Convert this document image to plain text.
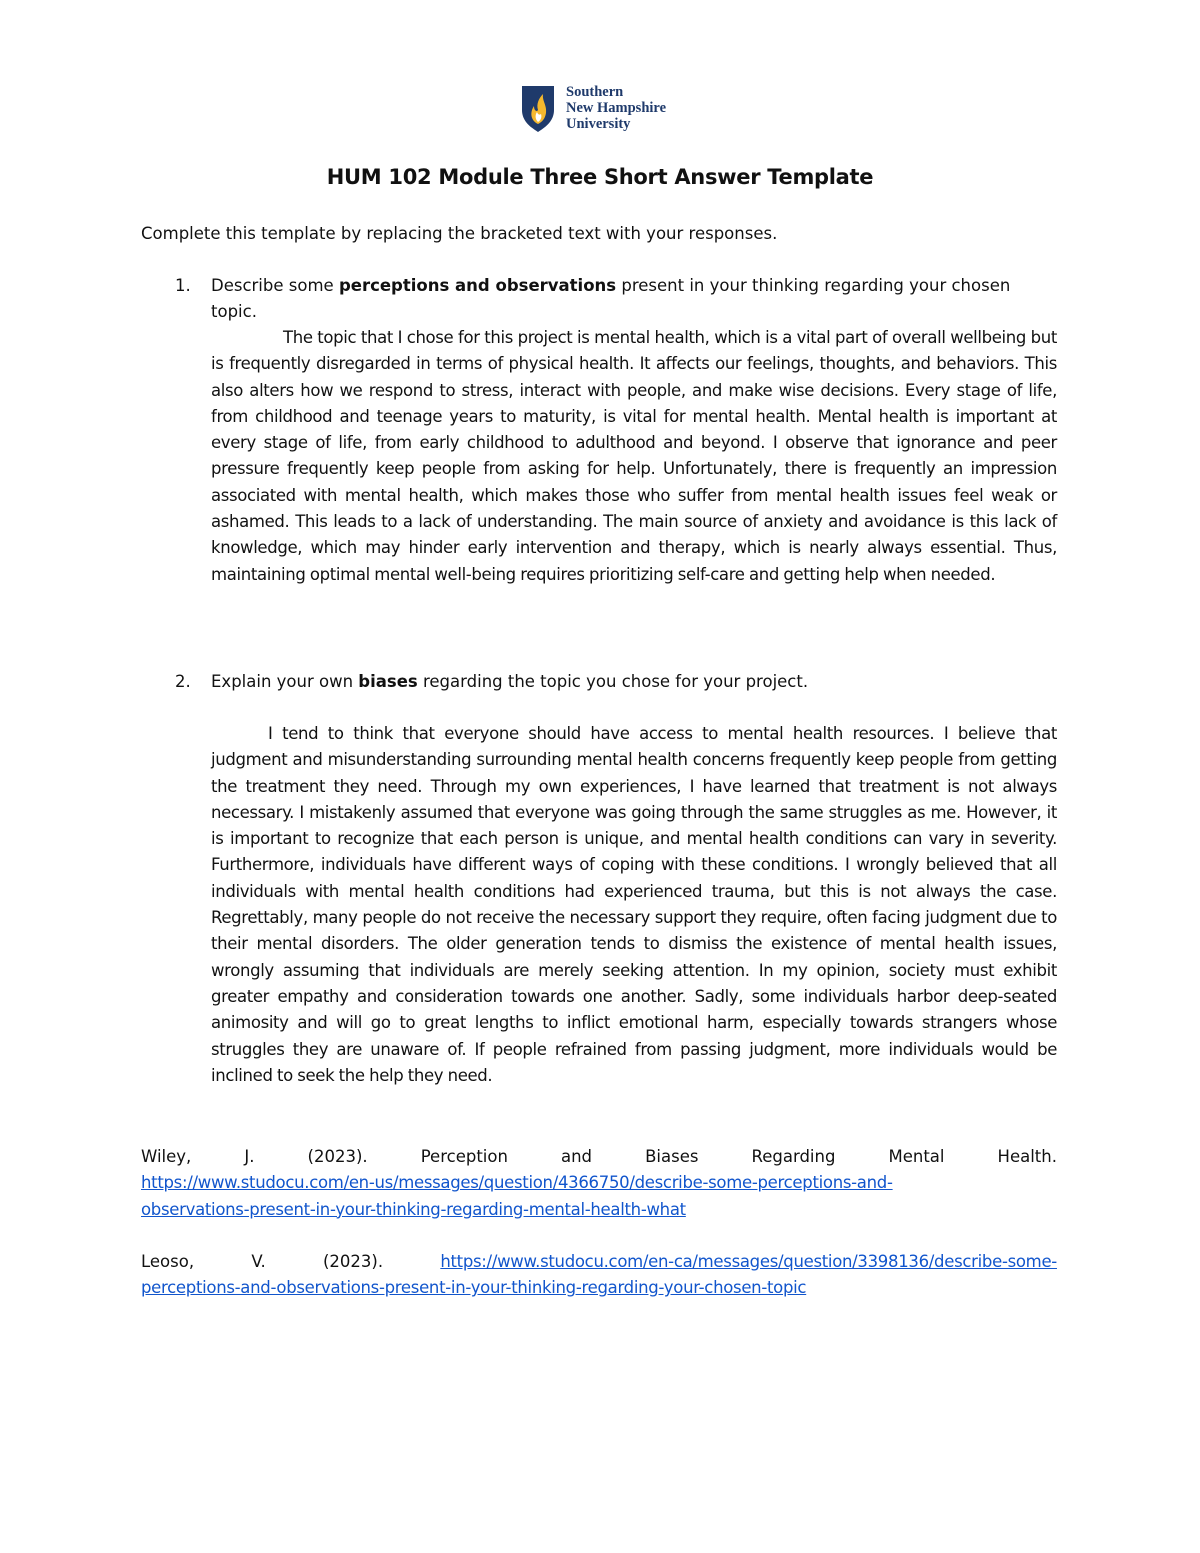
Southern
New Hampshire
University
HUM 102 Module Three Short Answer Template
Complete this template by replacing the bracketed text with your responses.
1. Describe some perceptions and observations present in your thinking regarding your chosen
topic.
The topic that I chose for this project is mental health, which is a vital part of overall wellbeing but is frequently disregarded in terms of physical health. It affects our feelings, thoughts, and behaviors. This also alters how we respond to stress, interact with people, and make wise decisions. Every stage of life, from childhood and teenage years to maturity, is vital for mental health. Mental health is important at every stage of life, from early childhood to adulthood and beyond. I observe that ignorance and peer pressure frequently keep people from asking for help. Unfortunately, there is frequently an impression associated with mental health, which makes those who suffer from mental health issues feel weak or ashamed. This leads to a lack of understanding. The main source of anxiety and avoidance is this lack of knowledge, which may hinder early intervention and therapy, which is nearly always essential. Thus, maintaining optimal mental well-being requires prioritizing self-care and getting help when needed.
2. Explain your own biases regarding the topic you chose for your project.
I tend to think that everyone should have access to mental health resources. I believe that judgment and misunderstanding surrounding mental health concerns frequently keep people from getting the treatment they need. Through my own experiences, I have learned that treatment is not always necessary. I mistakenly assumed that everyone was going through the same struggles as me. However, it is important to recognize that each person is unique, and mental health conditions can vary in severity. Furthermore, individuals have different ways of coping with these conditions. I wrongly believed that all individuals with mental health conditions had experienced trauma, but this is not always the case. Regrettably, many people do not receive the necessary support they require, often facing judgment due to their mental disorders. The older generation tends to dismiss the existence of mental health issues, wrongly assuming that individuals are merely seeking attention. In my opinion, society must exhibit greater empathy and consideration towards one another. Sadly, some individuals harbor deep-seated animosity and will go to great lengths to inflict emotional harm, especially towards strangers whose struggles they are unaware of. If people refrained from passing judgment, more individuals would be inclined to seek the help they need.
Wiley,	J.	(2023).	Perception	and	Biases	Regarding	Mental	Health.
https://www.studocu.com/en-us/messages/question/4366750/describe-some-perceptions-and-
observations-present-in-your-thinking-regarding-mental-health-what
Leoso,	V.	(2023).	https://www.studocu.com/en-ca/messages/question/3398136/describe-some-
perceptions-and-observations-present-in-your-thinking-regarding-your-chosen-topic
